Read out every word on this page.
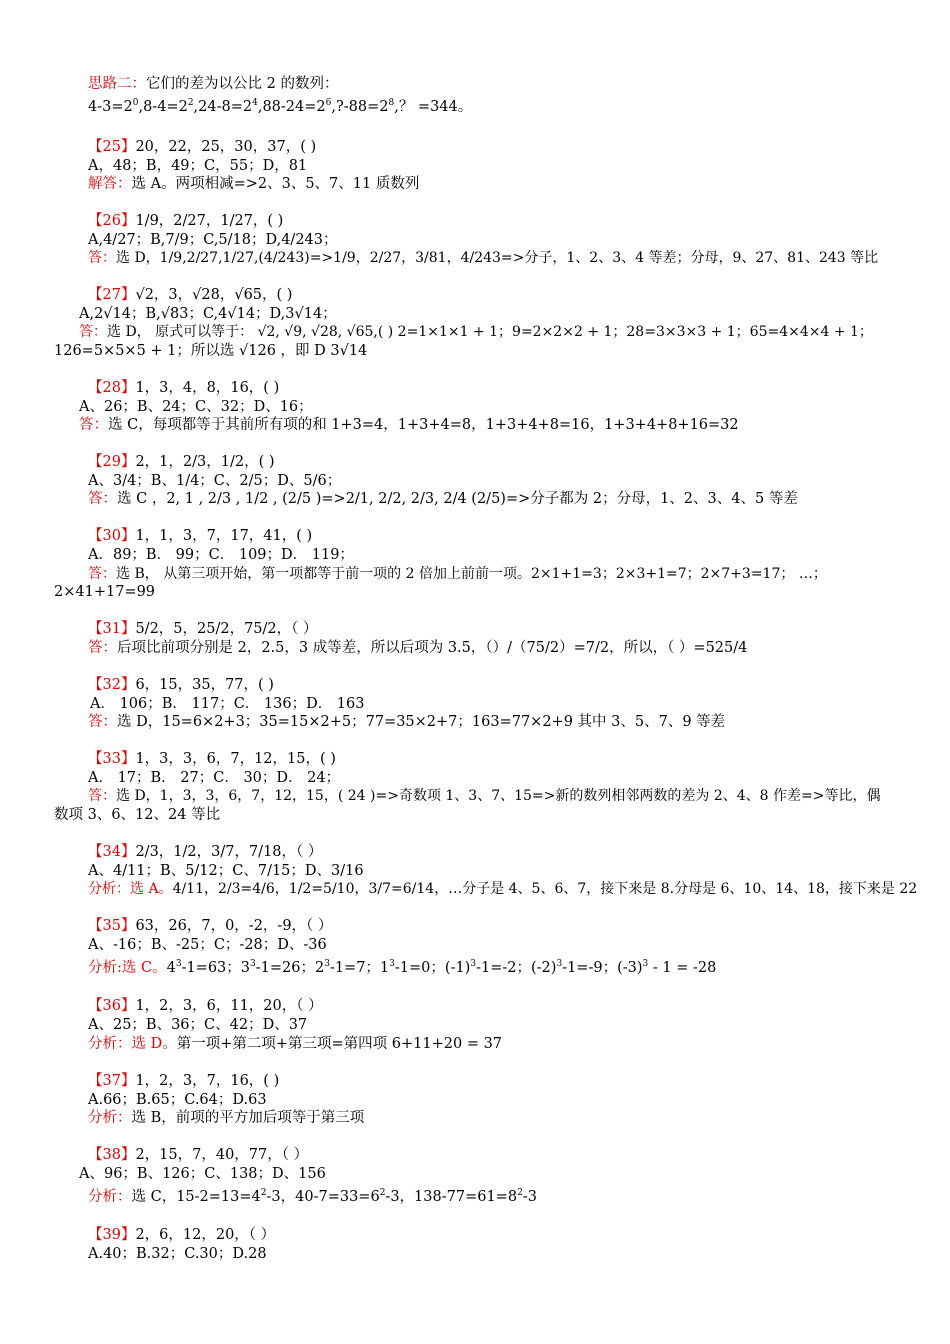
思路二：它们的差为以公比 2 的数列：
$4-3=2^0,8-4=2^2,24-8=2^4,88-24=2^6,?-88=2^8$,？ =344。
【25】20，22，25，30，37，( )
A，48；B，49；C，55；D，81
解答：选 A。两项相减=>2、3、5、7、11 质数列
【26】1/9，2/27，1/27，( )
A,4/27；B,7/9；C,5/18；D,4/243；
答：选 D，1/9,2/27,1/27,(4/243)=>1/9，2/27，3/81，4/243=>分子，1、2、3、4 等差；分母，9、27、81、243 等比
【27】√2，3，√28，√65，( )
A,2√14；B,√83；C,4√14；D,3√14；
答：选 D， 原式可以等于： √2, √9, √28, √65,( ) 2=1×1×1 + 1；9=2×2×2 + 1；28=3×3×3 + 1；65=4×4×4 + 1；
126=5×5×5 + 1；所以选 √126 ，即 D 3√14
【28】1，3，4，8，16，( )
A、26；B、24；C、32；D、16；
答：选 C，每项都等于其前所有项的和 1+3=4，1+3+4=8，1+3+4+8=16，1+3+4+8+16=32
【29】2，1，2/3，1/2，( )
A、3/4；B、1/4；C、2/5；D、5/6；
答：选 C ，2, 1 , 2/3 , 1/2 , (2/5 )=>2/1, 2/2, 2/3, 2/4 (2/5)=>分子都为 2；分母，1、2、3、4、5 等差
【30】1，1，3，7，17，41，( )
A．89；B． 99；C． 109；D． 119；
答：选 B， 从第三项开始，第一项都等于前一项的 2 倍加上前前一项。2×1+1=3；2×3+1=7；2×7+3=17； …；
2×41+17=99
【31】5/2，5，25/2，75/2，（ ）
答：后项比前项分别是 2，2.5，3 成等差，所以后项为 3.5，（）/（75/2）=7/2，所以，（ ）=525/4
【32】6，15，35，77，( )
A． 106；B． 117；C． 136；D． 163
答：选 D，15=6×2+3；35=15×2+5；77=35×2+7；163=77×2+9 其中 3、5、7、9 等差
【33】1，3，3，6，7，12，15，( )
A． 17；B． 27；C． 30；D． 24；
答：选 D，1，3，3，6，7，12，15，( 24 )=>奇数项 1、3、7、15=>新的数列相邻两数的差为 2、4、8 作差=>等比，偶
数项 3、6、12、24 等比
【34】2/3，1/2，3/7，7/18，（ ）
A、4/11；B、5/12；C、7/15；D、3/16
分析：选 A。4/11，2/3=4/6，1/2=5/10，3/7=6/14，…分子是 4、5、6、7，接下来是 8.分母是 6、10、14、18，接下来是 22
【35】63，26，7，0，-2，-9，（ ）
A、-16；B、-25；C；-28；D、-36
分析:选 C。$4^3-1=63$；$3^3-1=26$；$2^3-1=7$；$1^3-1=0$；$(-1)^3-1=-2$；$(-2)^3-1=-9$；$(-3)^3 - 1 = -28$
【36】1，2，3，6，11，20，（ ）
A、25；B、36；C、42；D、37
分析：选 D。第一项+第二项+第三项=第四项 6+11+20 = 37
【37】1，2，3，7，16，( )
A.66；B.65；C.64；D.63
分析：选 B，前项的平方加后项等于第三项
【38】2，15，7，40，77，（ ）
A、96；B、126；C、138；D、156
分析：选 C，$15-2=13=4^2-3$，$40-7=33=6^2-3$，$138-77=61=8^2-3$
【39】2，6，12，20，（ ）
A.40；B.32；C.30；D.28
